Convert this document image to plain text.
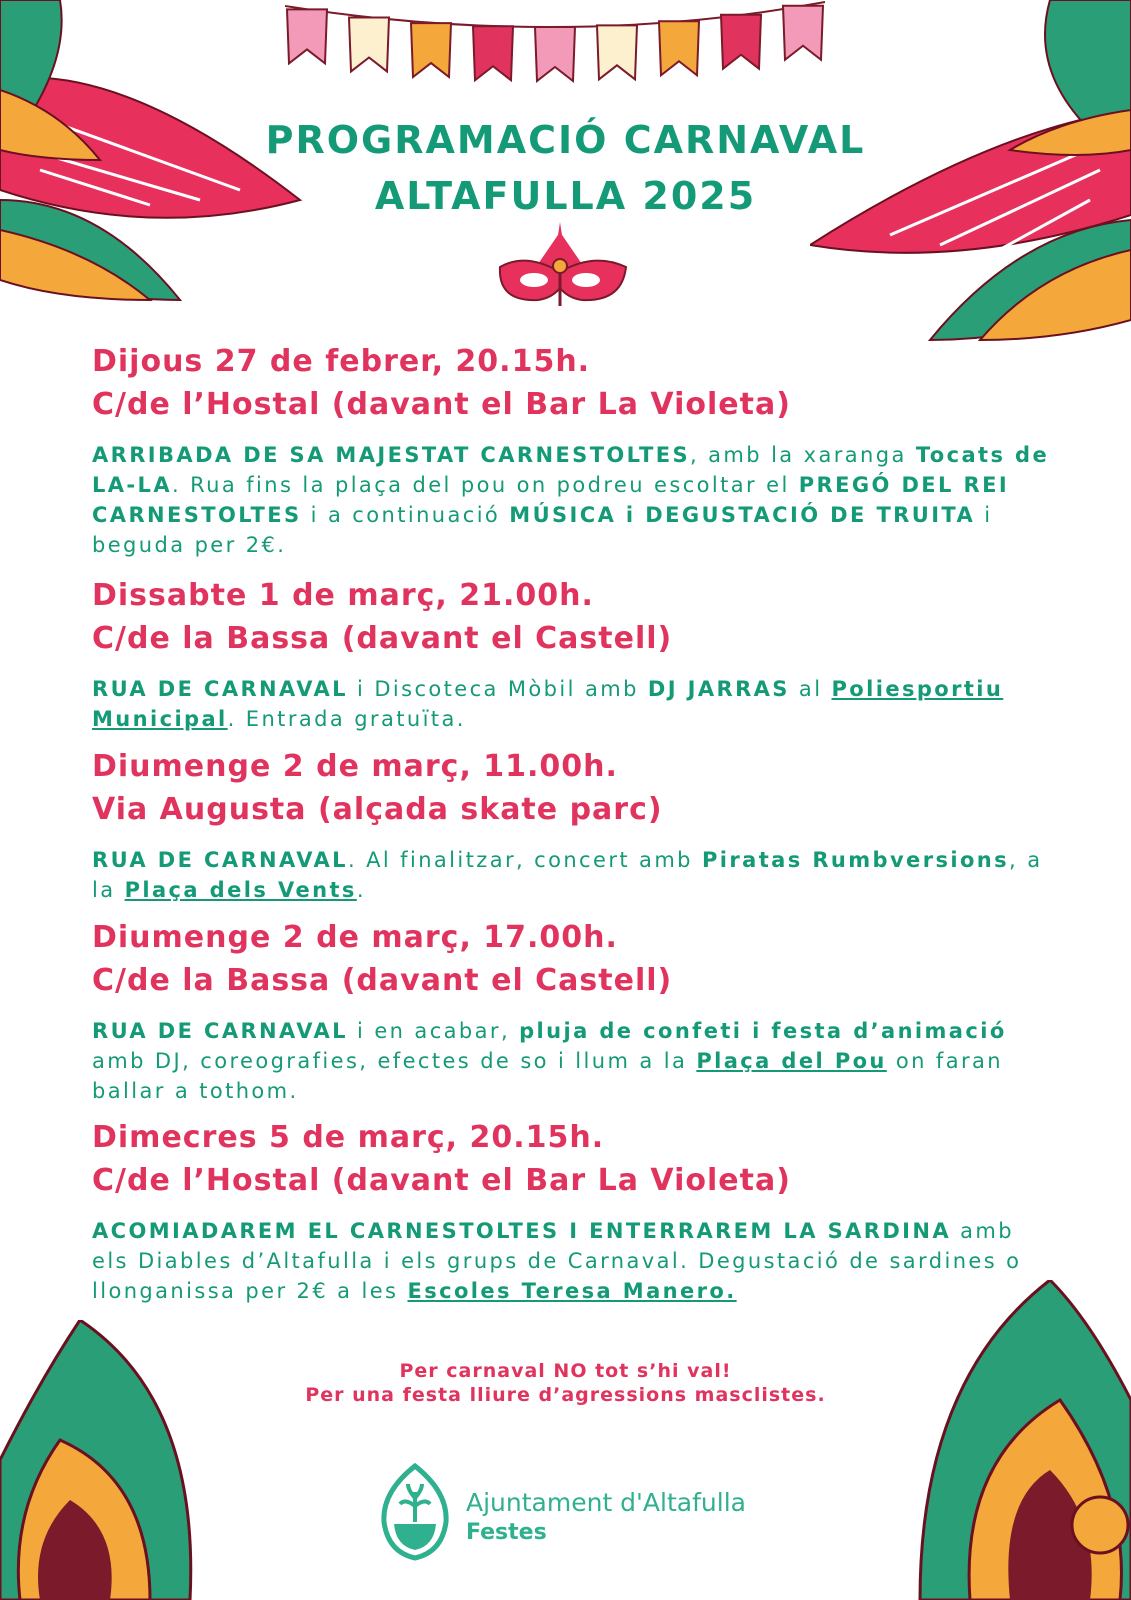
PROGRAMACIÓ CARNAVAL
ALTAFULLA 2025
Dijous 27 de febrer, 20.15h.
C/de l’Hostal (davant el Bar La Violeta)
ARRIBADA DE SA MAJESTAT CARNESTOLTES, amb la xaranga Tocats de LA-LA. Rua fins la plaça del pou on podreu escoltar el PREGÓ DEL REI CARNESTOLTES i a continuació MÚSICA i DEGUSTACIÓ DE TRUITA i beguda per 2€.
Dissabte 1 de març, 21.00h.
C/de la Bassa (davant el Castell)
RUA DE CARNAVAL i Discoteca Mòbil amb DJ JARRAS al Poliesportiu Municipal. Entrada gratuïta.
Diumenge 2 de març, 11.00h.
Via Augusta (alçada skate parc)
RUA DE CARNAVAL. Al finalitzar, concert amb Piratas Rumbversions, a la Plaça dels Vents.
Diumenge 2 de març, 17.00h.
C/de la Bassa (davant el Castell)
RUA DE CARNAVAL i en acabar, pluja de confeti i festa d’animació amb DJ, coreografies, efectes de so i llum a la Plaça del Pou on faran ballar a tothom.
Dimecres 5 de març, 20.15h.
C/de l’Hostal (davant el Bar La Violeta)
ACOMIADAREM EL CARNESTOLTES I ENTERRAREM LA SARDINA amb els Diables d’Altafulla i els grups de Carnaval. Degustació de sardines o llonganissa per 2€ a les Escoles Teresa Manero.
Per carnaval NO tot s’hi val!
Per una festa lliure d’agressions masclistes.
Ajuntament d'Altafulla
Festes
